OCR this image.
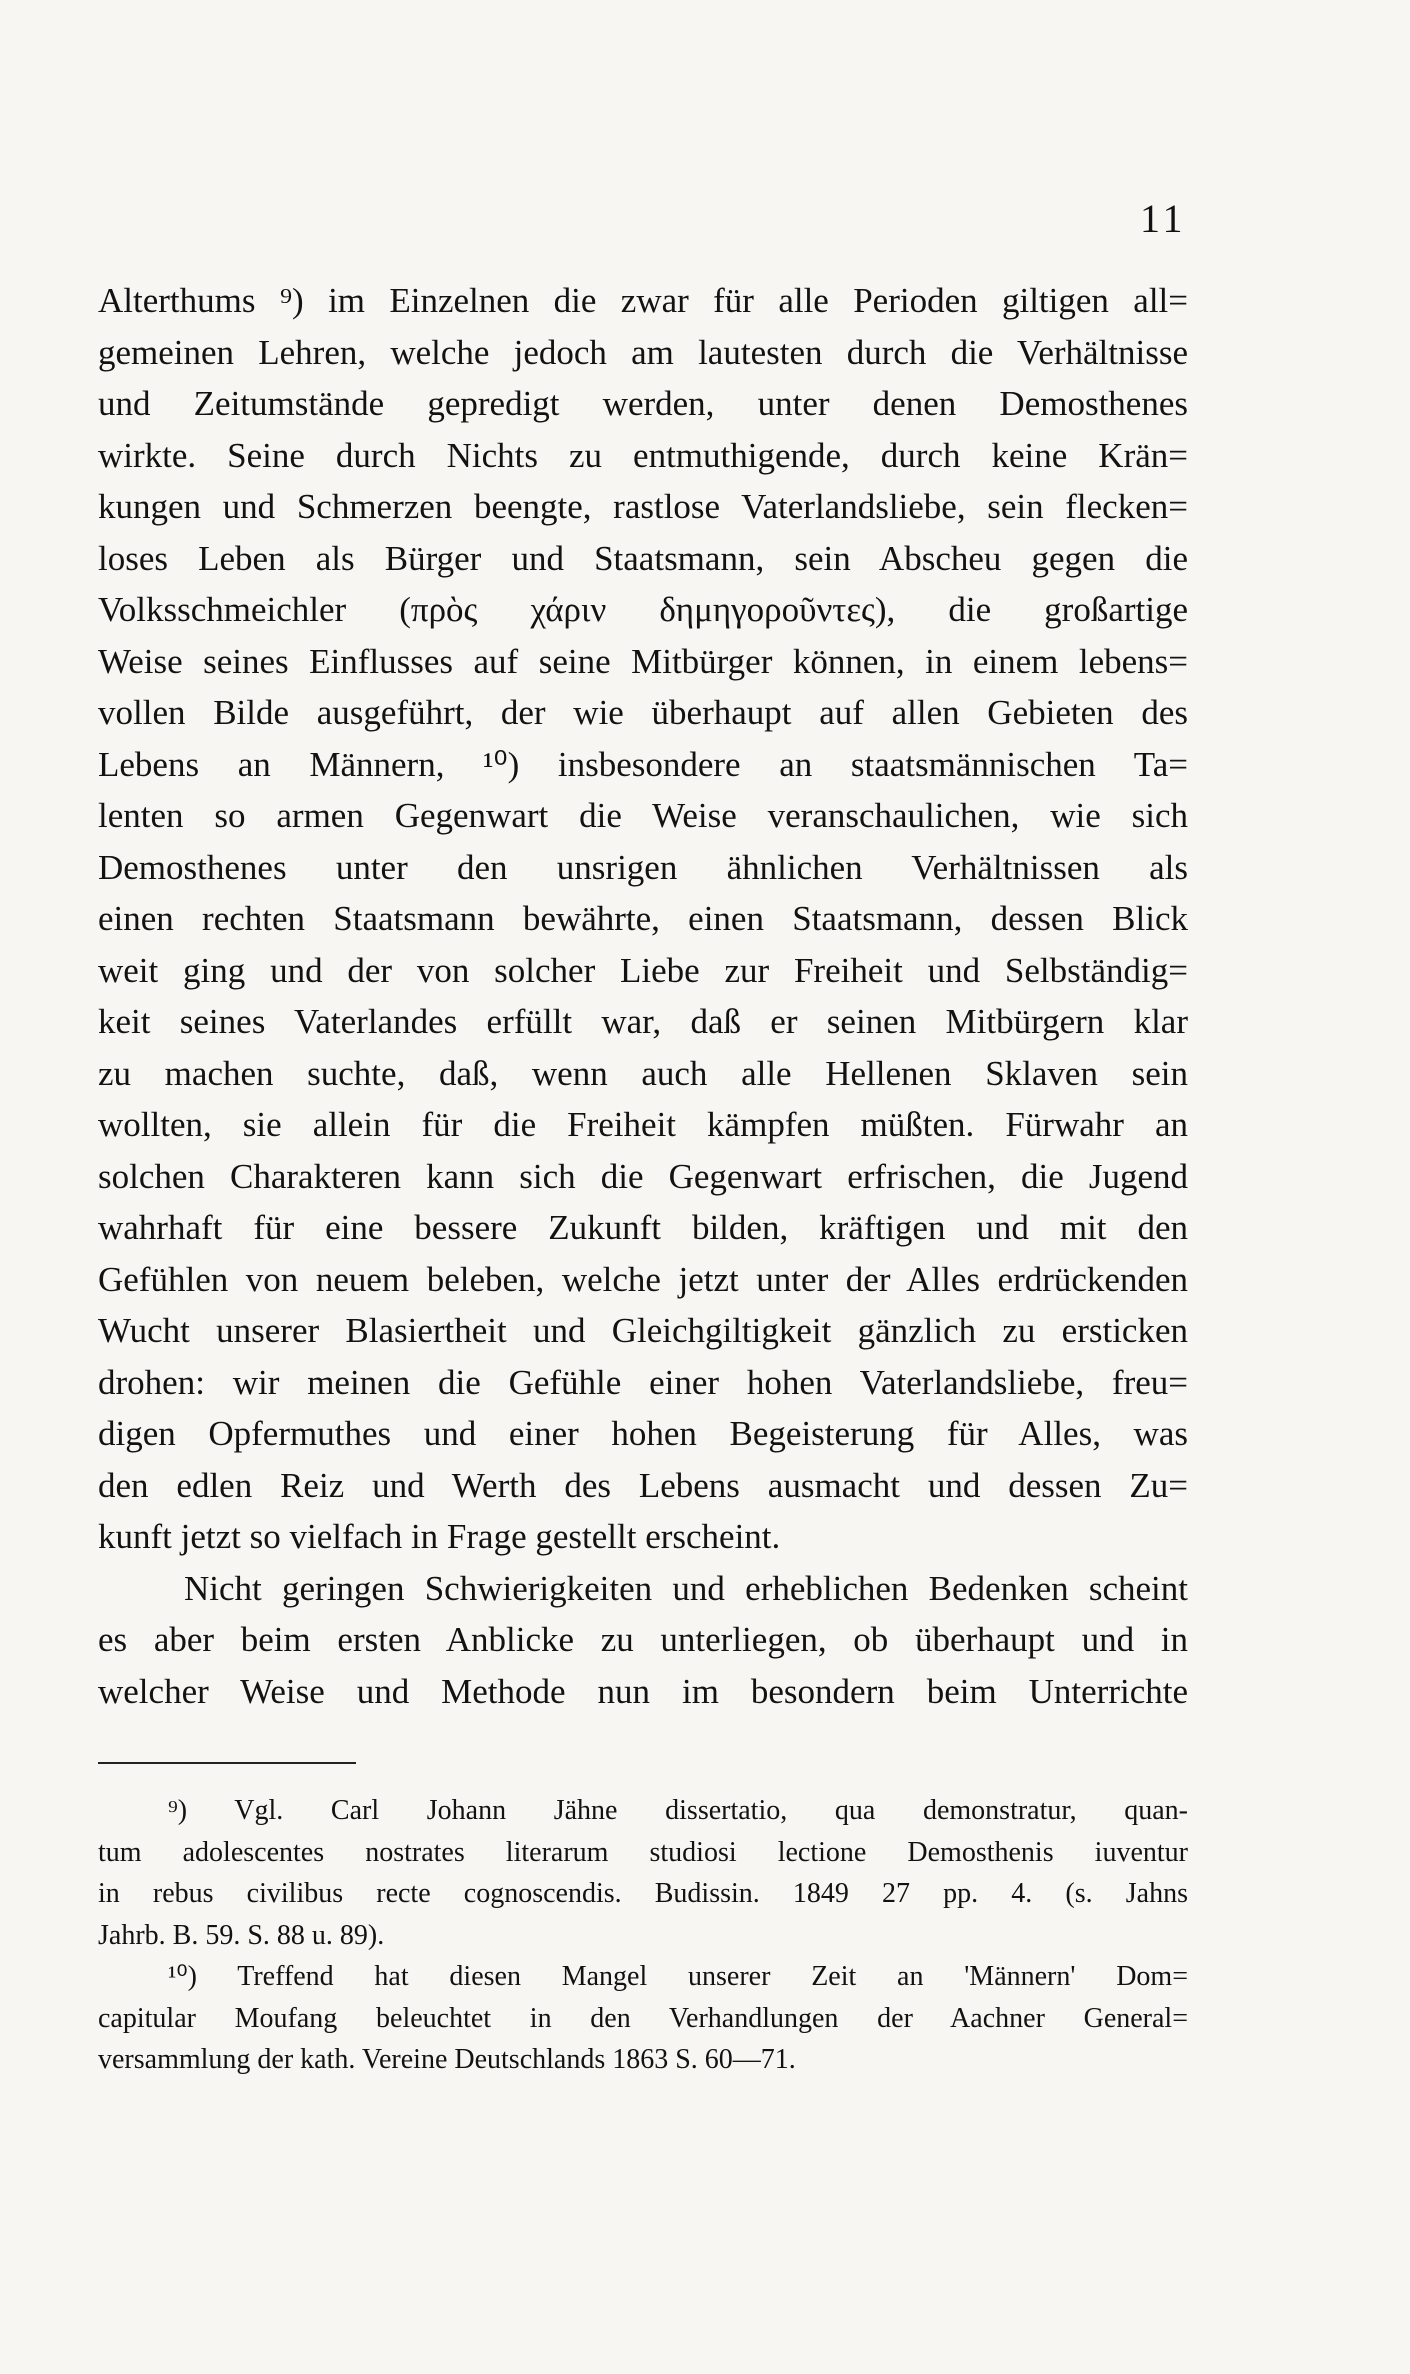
11
Alterthums ⁹) im Einzelnen die zwar für alle Perioden giltigen all=
gemeinen Lehren, welche jedoch am lautesten durch die Verhältnisse
und Zeitumstände gepredigt werden, unter denen Demosthenes
wirkte. Seine durch Nichts zu entmuthigende, durch keine Krän=
kungen und Schmerzen beengte, rastlose Vaterlandsliebe, sein flecken=
loses Leben als Bürger und Staatsmann, sein Abscheu gegen die
Volksschmeichler (πρὸς χάριν δημηγοροῦντες), die großartige
Weise seines Einflusses auf seine Mitbürger können, in einem lebens=
vollen Bilde ausgeführt, der wie überhaupt auf allen Gebieten des
Lebens an Männern, ¹⁰) insbesondere an staatsmännischen Ta=
lenten so armen Gegenwart die Weise veranschaulichen, wie sich
Demosthenes unter den unsrigen ähnlichen Verhältnissen als
einen rechten Staatsmann bewährte, einen Staatsmann, dessen Blick
weit ging und der von solcher Liebe zur Freiheit und Selbständig=
keit seines Vaterlandes erfüllt war, daß er seinen Mitbürgern klar
zu machen suchte, daß, wenn auch alle Hellenen Sklaven sein
wollten, sie allein für die Freiheit kämpfen müßten. Fürwahr an
solchen Charakteren kann sich die Gegenwart erfrischen, die Jugend
wahrhaft für eine bessere Zukunft bilden, kräftigen und mit den
Gefühlen von neuem beleben, welche jetzt unter der Alles erdrückenden
Wucht unserer Blasiertheit und Gleichgiltigkeit gänzlich zu ersticken
drohen: wir meinen die Gefühle einer hohen Vaterlandsliebe, freu=
digen Opfermuthes und einer hohen Begeisterung für Alles, was
den edlen Reiz und Werth des Lebens ausmacht und dessen Zu=
kunft jetzt so vielfach in Frage gestellt erscheint.
Nicht geringen Schwierigkeiten und erheblichen Bedenken scheint
es aber beim ersten Anblicke zu unterliegen, ob überhaupt und in
welcher Weise und Methode nun im besondern beim Unterrichte
⁹) Vgl. Carl Johann Jähne dissertatio, qua demonstratur, quan-
tum adolescentes nostrates literarum studiosi lectione Demosthenis iuventur
in rebus civilibus recte cognoscendis. Budissin. 1849 27 pp. 4. (s. Jahns
Jahrb. B. 59. S. 88 u. 89).
¹⁰) Treffend hat diesen Mangel unserer Zeit an 'Männern' Dom=
capitular Moufang beleuchtet in den Verhandlungen der Aachner General=
versammlung der kath. Vereine Deutschlands 1863 S. 60—71.
